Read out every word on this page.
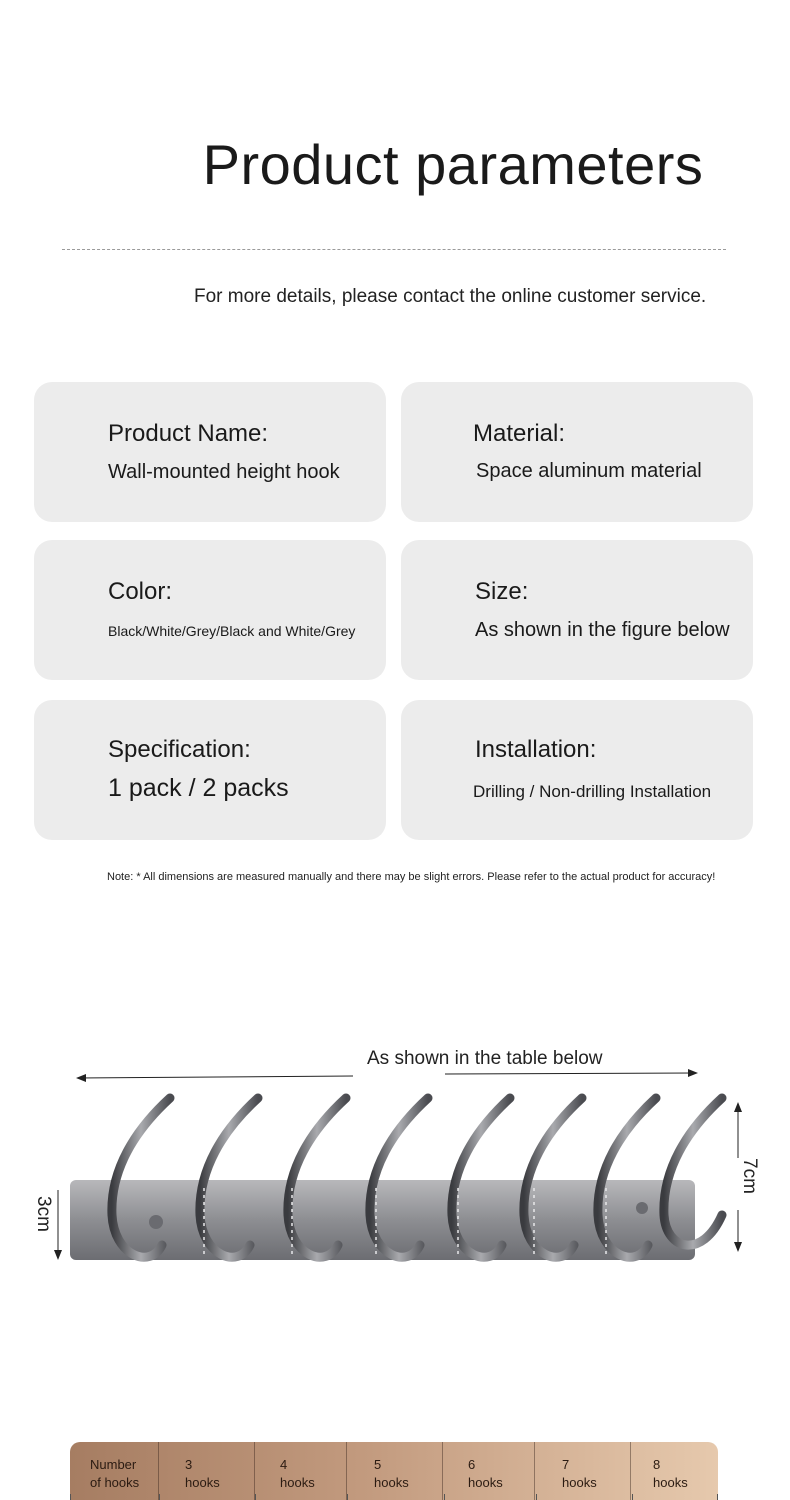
Product parameters
For more details, please contact the online customer service.
Product Name:
Wall-mounted height hook
Material:
Space aluminum material
Color:
Black/White/Grey/Black and White/Grey
Size:
As shown in the figure below
Specification:
1 pack / 2 packs
Installation:
Drilling / Non-drilling Installation
Note: * All dimensions are measured manually and there may be slight errors. Please refer to the actual product for accuracy!
As shown in the table below
3cm
7cm
Number
of hooks
3
hooks
4
hooks
5
hooks
6
hooks
7
hooks
8
hooks
